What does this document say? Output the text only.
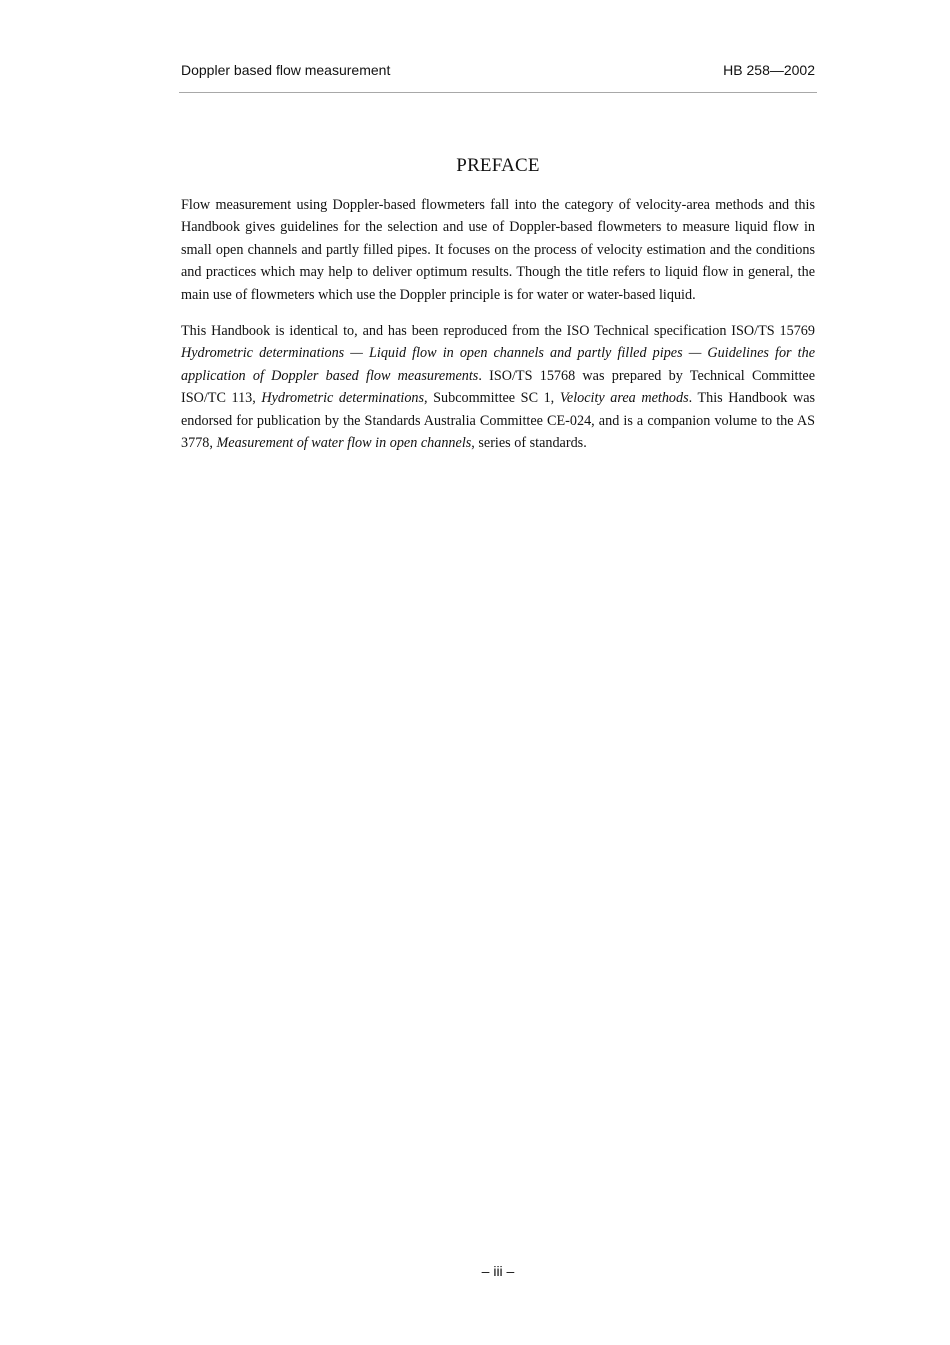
Doppler based flow measurement	HB 258—2002
PREFACE

Flow measurement using Doppler-based flowmeters fall into the category of velocity-area methods and this Handbook gives guidelines for the selection and use of Doppler-based flowmeters to measure liquid flow in small open channels and partly filled pipes. It focuses on the process of velocity estimation and the conditions and practices which may help to deliver optimum results. Though the title refers to liquid flow in general, the main use of flowmeters which use the Doppler principle is for water or water-based liquid.

This Handbook is identical to, and has been reproduced from the ISO Technical specification ISO/TS 15769 Hydrometric determinations — Liquid flow in open channels and partly filled pipes — Guidelines for the application of Doppler based flow measurements. ISO/TS 15768 was prepared by Technical Committee ISO/TC 113, Hydrometric determinations, Subcommittee SC 1, Velocity area methods. This Handbook was endorsed for publication by the Standards Australia Committee CE-024, and is a companion volume to the AS 3778, Measurement of water flow in open channels, series of standards.

– iii –
